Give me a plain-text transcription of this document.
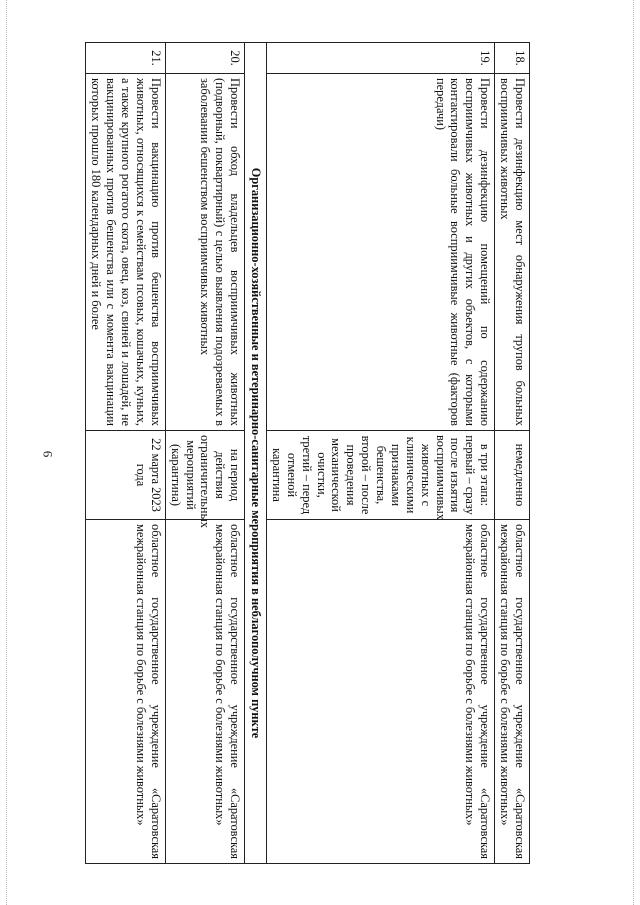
6
18.	Провести дезинфекцию мест обнаружения трупов больных восприимчивых животных	немедленно	областное государственное учреждение «Саратовская межрайонная станция по борьбе с болезнями животных»
19.	Провести дезинфекцию помещений по содержанию восприимчивых животных и других объектов, с которыми контактировали больные восприимчивые животные (факторов передачи)	в три этапа: первый – сразу после изъятия восприимчивых животных с клиническими признаками бешенства, второй – после проведения механической очистки, третий – перед отменой карантина	областное государственное учреждение «Саратовская межрайонная станция по борьбе с болезнями животных»
Организационно-хозяйственные и ветеринарно-санитарные мероприятия в неблагополучном пункте			
20.	Провести обход владельцев восприимчивых животных (подворный, поквартирный) с целью выявления подозреваемых в заболевании бешенством восприимчивых животных	на период действия ограничительных мероприятий (карантина)	областное государственное учреждение «Саратовская межрайонная станция по борьбе с болезнями животных»
21.	Провести вакцинацию против бешенства восприимчивых животных, относящихся к семействам псовых, кошачьих, куньих, а также крупного рогатого скота, овец, коз, свиней и лошадей, не вакцинированных против бешенства или с момента вакцинации которых прошло 180 календарных дней и более	22 марта 2023 года	областное государственное учреждение «Саратовская межрайонная станция по борьбе с болезнями животных»
